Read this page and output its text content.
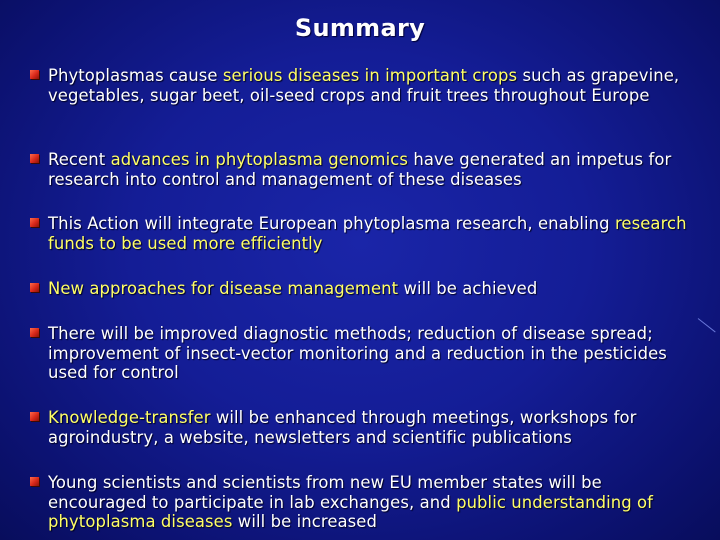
Summary
Phytoplasmas cause serious diseases in important crops such as grapevine, vegetables, sugar beet, oil-seed crops and fruit trees throughout Europe
Recent advances in phytoplasma genomics have generated an impetus for research into control and management of these diseases
This Action will integrate European phytoplasma research, enabling research funds to be used more efficiently
New approaches for disease management will be achieved
There will be improved diagnostic methods; reduction of disease spread; improvement of insect-vector monitoring and a reduction in the pesticides used for control
Knowledge-transfer will be enhanced through meetings, workshops for agroindustry, a website, newsletters and scientific publications
Young scientists and scientists from new EU member states will be encouraged to participate in lab exchanges, and public understanding of phytoplasma diseases will be increased
